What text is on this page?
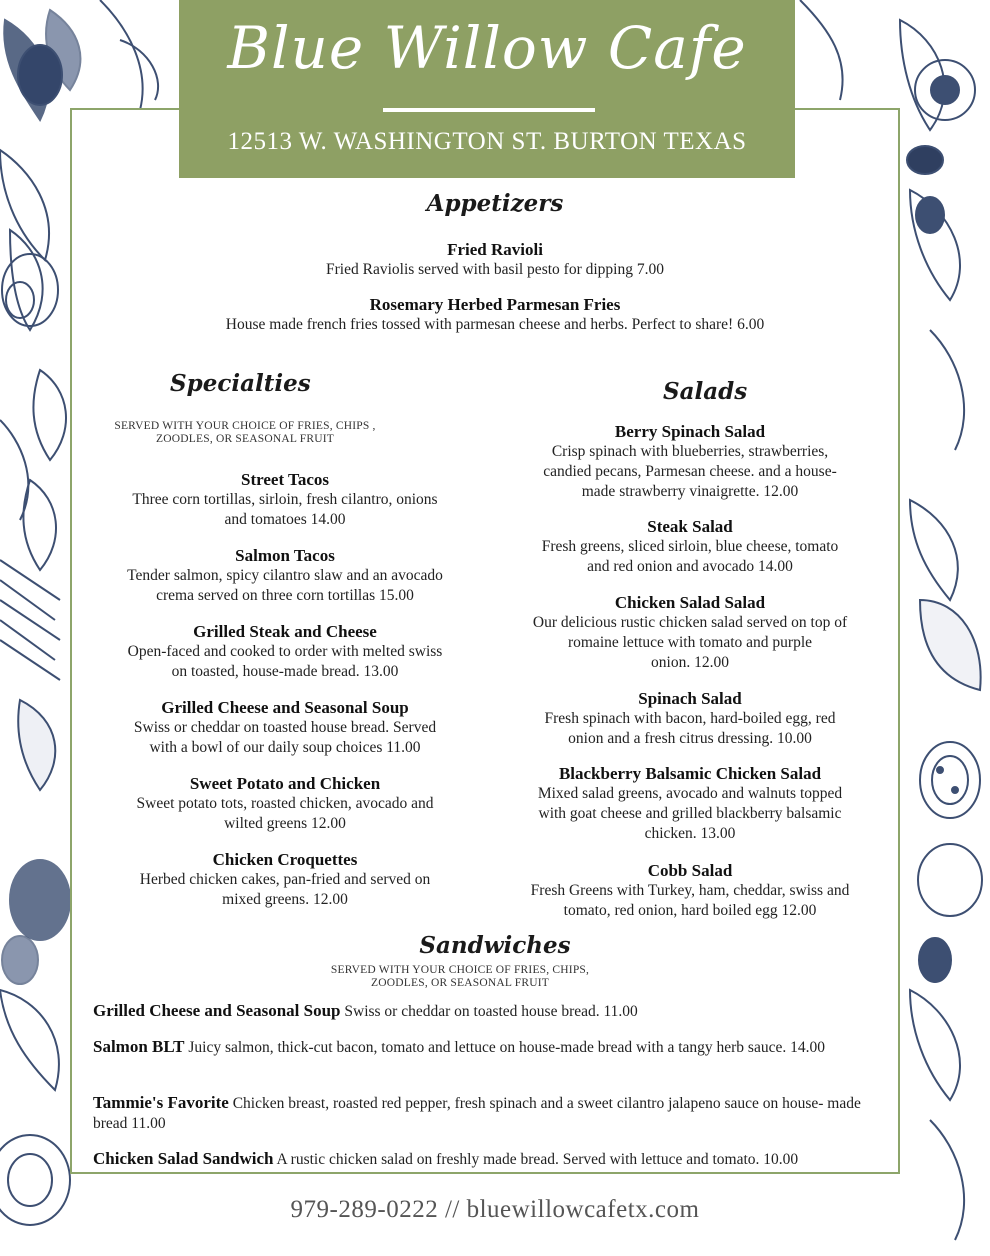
Blue Willow Cafe
12513 W. WASHINGTON ST. BURTON TEXAS
Appetizers
Fried Ravioli
Fried Raviolis served with basil pesto for dipping 7.00
Rosemary Herbed Parmesan Fries
House made french fries tossed with parmesan cheese and herbs. Perfect to share! 6.00
Specialties
SERVED WITH YOUR CHOICE OF FRIES, CHIPS ,
ZOODLES, OR SEASONAL FRUIT
Street Tacos
Three corn tortillas, sirloin, fresh cilantro, onions
and tomatoes 14.00
Salmon Tacos
Tender salmon, spicy cilantro slaw and an avocado
crema served on three corn tortillas 15.00
Grilled Steak and Cheese
Open-faced and cooked to order with melted swiss
on toasted, house-made bread. 13.00
Grilled Cheese and Seasonal Soup
Swiss or cheddar on toasted house bread. Served
with a bowl of our daily soup choices 11.00
Sweet Potato and Chicken
Sweet potato tots, roasted chicken, avocado and
wilted greens 12.00
Chicken Croquettes
Herbed chicken cakes, pan-fried and served on
mixed greens. 12.00
Salads
Berry Spinach Salad
Crisp spinach with blueberries, strawberries,
candied pecans, Parmesan cheese. and a house-
made strawberry vinaigrette. 12.00
Steak Salad
Fresh greens, sliced sirloin, blue cheese, tomato
and red onion and avocado 14.00
Chicken Salad Salad
Our delicious rustic chicken salad served on top of
romaine lettuce with tomato and purple
onion. 12.00
Spinach Salad
Fresh spinach with bacon, hard-boiled egg, red
onion and a fresh citrus dressing. 10.00
Blackberry Balsamic Chicken Salad
Mixed salad greens, avocado and walnuts topped
with goat cheese and grilled blackberry balsamic
chicken. 13.00
Cobb Salad
Fresh Greens with Turkey, ham, cheddar, swiss and
tomato, red onion, hard boiled egg 12.00
Sandwiches
SERVED WITH YOUR CHOICE OF FRIES, CHIPS,
ZOODLES, OR SEASONAL FRUIT
Grilled Cheese and Seasonal Soup Swiss or cheddar on toasted house bread. 11.00
Salmon BLT Juicy salmon, thick-cut bacon, tomato and lettuce on house-made bread with a tangy herb sauce. 14.00
Tammie's Favorite Chicken breast, roasted red pepper, fresh spinach and a sweet cilantro jalapeno sauce on house- made bread 11.00
Chicken Salad Sandwich A rustic chicken salad on freshly made bread. Served with lettuce and tomato. 10.00
979-289-0222 // bluewillowcafetx.com
